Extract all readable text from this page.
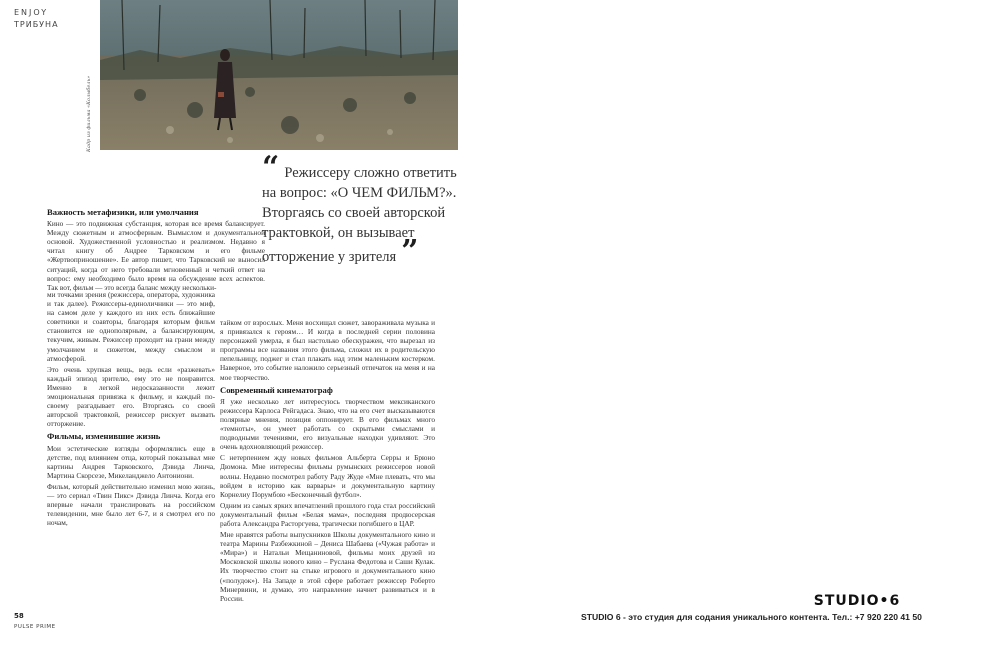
ENJOY
ТРИБУНА
Кадр из фильма «Колыбель»
“ Режиссеру сложно ответить на вопрос: «О ЧЕМ ФИЛЬМ?». Вторгаясь со своей авторской трактовкой, он вызывает отторжение у зрителя ”
Важность метафизики, или умолчания

Кино — это подвижная субстанция, которая все время балансирует. Между сюжетным и атмосферным. Вымыслом и документальной основой. Художественной условностью и реализмом. Недавно я читал книгу об Андрее Тарковском и его фильме «Жертвоприношение». Ее автор пишет, что Тарковский не выносил ситуаций, когда от него требовали мгновенный и четкий ответ на вопрос: ему необходимо было время на обсуждение всех аспектов. Так вот, фильм — это всегда баланс между нескольки-

ми точками зрения (режиссера, оператора, художника и так далее). Режиссеры-единоличники — это миф, на самом деле у каждого из них есть ближайшие советники и соавторы, благодаря которым фильм становится не однополярным, а балансирующим, текучим, живым. Режиссер проходит на грани между умолчанием и сюжетом, между смыслом и атмосферой.

Это очень хрупкая вещь, ведь если «разжевать» каждый эпизод зрителю, ему это не понравится. Именно в легкой недосказанности лежит эмоциональная привязка к фильму, и каждый по-своему разгадывает его. Вторгаясь со своей авторской трактовкой, режиссер рискует вызвать отторжение.

Фильмы, изменившие жизнь

Мои эстетические взгляды оформлялись еще в детстве, под влиянием отца, который показывал мне картины Андрея Тарковского, Дэвида Линча, Мартина Скорсезе, Микеланджело Антониони.

Фильм, который действительно изменил мою жизнь, — это сериал «Твин Пикс» Дэвида Линча. Когда его впервые начали транслировать на российском телевидении, мне было лет 6-7, и я смотрел его по ночам,

тайком от взрослых. Меня восхищал сюжет, завораживала музыка и я привязался к героям… И когда в последней серии половина персонажей умерла, я был настолько обескуражен, что вырезал из программы все названия этого фильма, сложил их в родительскую пепельницу, поджег и стал плакать над этим маленьким костерком. Наверное, это событие наложило серьезный отпечаток на меня и на мое творчество.

Современный кинематограф

Я уже несколько лет интересуюсь творчеством мексиканского режиссера Карлоса Рейгадаса. Знаю, что на его счет высказываются полярные мнения, позиция оппонирует. В его фильмах много «темноты», он умеет работать со скрытыми смыслами и подводными течениями, его визуальные находки удивляют. Это очень вдохновляющий режиссер.

С нетерпением жду новых фильмов Альберта Серры и Брюно Дюмона. Мне интересны фильмы румынских режиссеров новой волны. Недавно посмотрел работу Раду Жуде «Мне плевать, что мы войдем в историю как варвары» и документальную картину Корнелиу Порумбою «Бесконечный футбол».

Одним из самых ярких впечатлений прошлого года стал российский документальный фильм «Белая мама», последняя продюсерская работа Александра Расторгуева, трагически погибшего в ЦАР.

Мне нравятся работы выпускников Школы документального кино и театра Марины Разбежкиной – Дениса Шабаева («Чужая работа» и «Мира») и Натальи Мещаниновой, фильмы моих друзей из Московской школы нового кино – Руслана Федотова и Саши Кулак. Их творчество стоит на стыке игрового и документального кино («полудок»). На Западе в этой сфере работает режиссер Роберто Минервини, и думаю, это направление начнет развиваться и в России.

58
PULSE PRIME
STUDIO•6
STUDIO 6 - это студия для содания уникального контента. Тел.: +7 920 220 41 50
